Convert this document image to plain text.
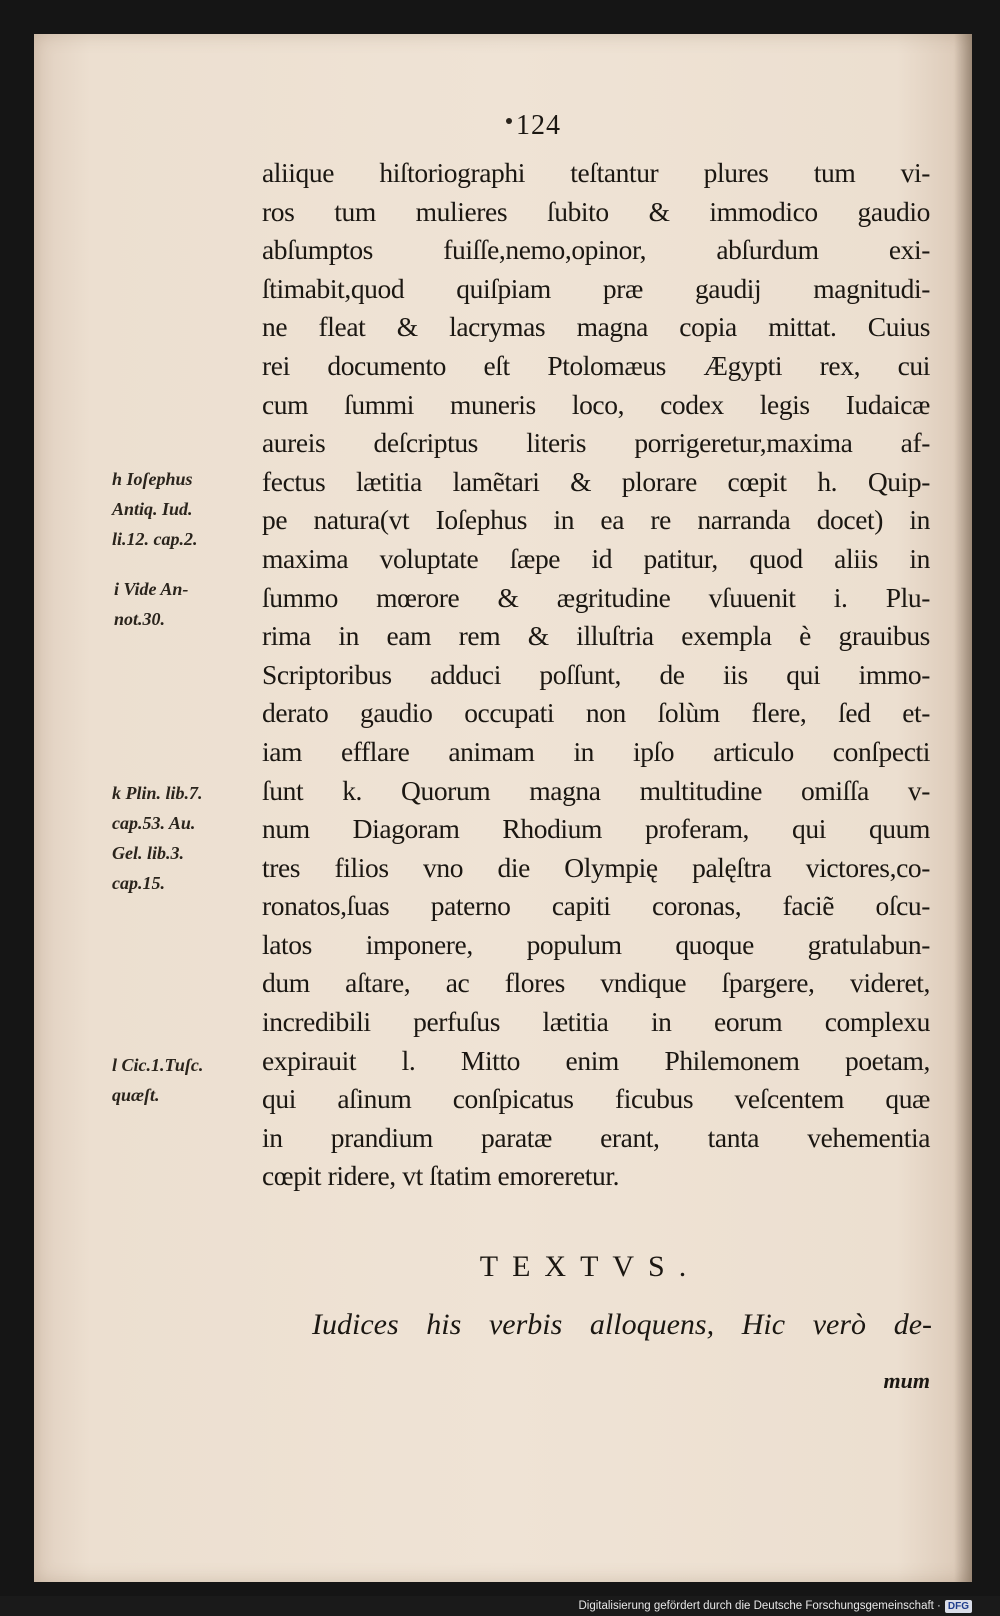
124
aliique hiſtoriographi teſtantur plures tum vi-
ros tum mulieres ſubito & immodico gaudio
abſumptos fuiſſe,nemo,opinor, abſurdum exi-
ſtimabit,quod quiſpiam præ gaudij magnitudi-
ne fleat & lacrymas magna copia mittat. Cuius
rei documento eſt Ptolomæus Ægypti rex, cui
cum ſummi muneris loco, codex legis Iudaicæ
aureis deſcriptus literis porrigeretur,maxima af-
fectus lætitia lamẽtari & plorare cœpit h. Quip-
pe natura(vt Ioſephus in ea re narranda docet) in
maxima voluptate ſæpe id patitur, quod aliis in
ſummo mœrore & ægritudine vſuuenit i. Plu-
rima in eam rem & illuſtria exempla è grauibus
Scriptoribus adduci poſſunt, de iis qui immo-
derato gaudio occupati non ſolùm flere, ſed et-
iam efflare animam in ipſo articulo conſpecti
ſunt k. Quorum magna multitudine omiſſa v-
num Diagoram Rhodium proferam, qui quum
tres filios vno die Olympię palęſtra victores,co-
ronatos,ſuas paterno capiti coronas, faciẽ oſcu-
latos imponere, populum quoque gratulabun-
dum aſtare, ac flores vndique ſpargere, videret,
incredibili perfuſus lætitia in eorum complexu
expirauit l. Mitto enim Philemonem poetam,
qui aſinum conſpicatus ficubus veſcentem quæ
in prandium paratæ erant, tanta vehementia
cœpit ridere, vt ſtatim emoreretur.
h Ioſephus
Antiq. Iud.
li.12. cap.2.
i Vide An-
not.30.
k Plin. lib.7.
cap.53. Au.
Gel. lib.3.
cap.15.
l Cic.1.Tuſc.
quæſt.
TEXTVS.
Iudices his verbis alloquens, Hic verò de-
mum
Digitalisierung gefördert durch die Deutsche Forschungsgemeinschaft · DFG
